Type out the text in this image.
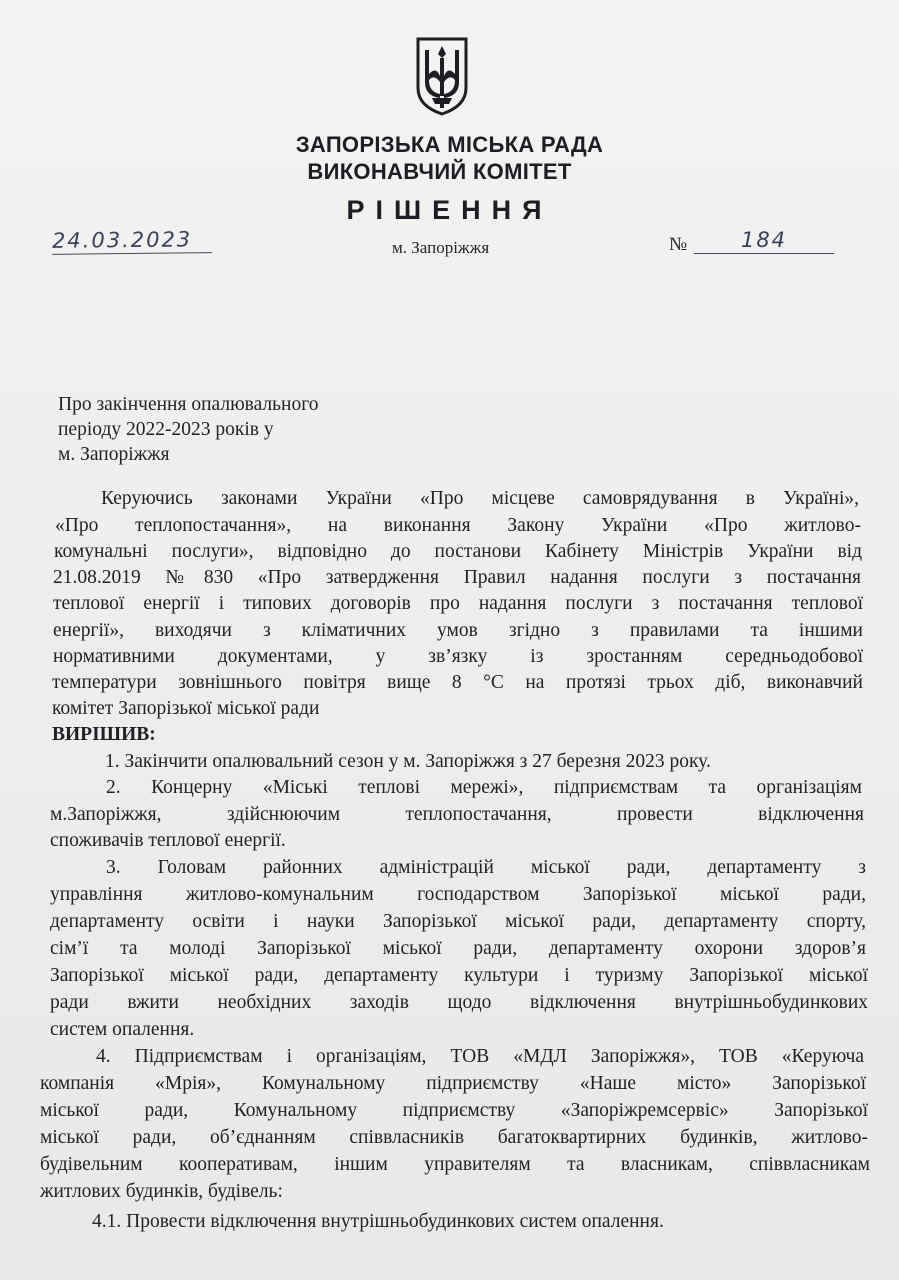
ЗАПОРІЗЬКА МІСЬКА РАДА
ВИКОНАВЧИЙ КОМІТЕТ
РІШЕННЯ
24.03.2023	м. Запоріжжя	№	184
Про закінчення опалювального
періоду 2022-2023 років у
м. Запоріжжя
Керуючись законами України «Про місцеве самоврядування в Україні»,
«Про теплопостачання», на виконання Закону України «Про житлово-
комунальні послуги», відповідно до постанови Кабінету Міністрів України від
21.08.2019 №830 «Про затвердження Правил надання послуги з постачання
теплової енергії і типових договорів про надання послуги з постачання теплової
енергії», виходячи з кліматичних умов згідно з правилами та іншими
нормативними документами, у зв’язку із зростанням середньодобової
температури зовнішнього повітря вище 8 °С на протязі трьох діб, виконавчий
комітет Запорізької міської ради
ВИРІШИВ:
1. Закінчити опалювальний сезон у м. Запоріжжя з 27 березня 2023 року.
2. Концерну «Міські теплові мережі», підприємствам та організаціям
м.Запоріжжя, здійснюючим теплопостачання, провести відключення
споживачів теплової енергії.
3. Головам районних адміністрацій міської ради, департаменту з
управління житлово-комунальним господарством Запорізької міської ради,
департаменту освіти і науки Запорізької міської ради, департаменту спорту,
сім’ї та молоді Запорізької міської ради, департаменту охорони здоров’я
Запорізької міської ради, департаменту культури і туризму Запорізької міської
ради вжити необхідних заходів щодо відключення внутрішньобудинкових
систем опалення.
4. Підприємствам і організаціям, ТОВ «МДЛ Запоріжжя», ТОВ «Керуюча
компанія «Мрія», Комунальному підприємству «Наше місто» Запорізької
міської ради, Комунальному підприємству «Запоріжремсервіс» Запорізької
міської ради, об’єднанням співвласників багатоквартирних будинків, житлово-
будівельним кооперативам, іншим управителям та власникам, співвласникам
житлових будинків, будівель:
4.1. Провести відключення внутрішньобудинкових систем опалення.
